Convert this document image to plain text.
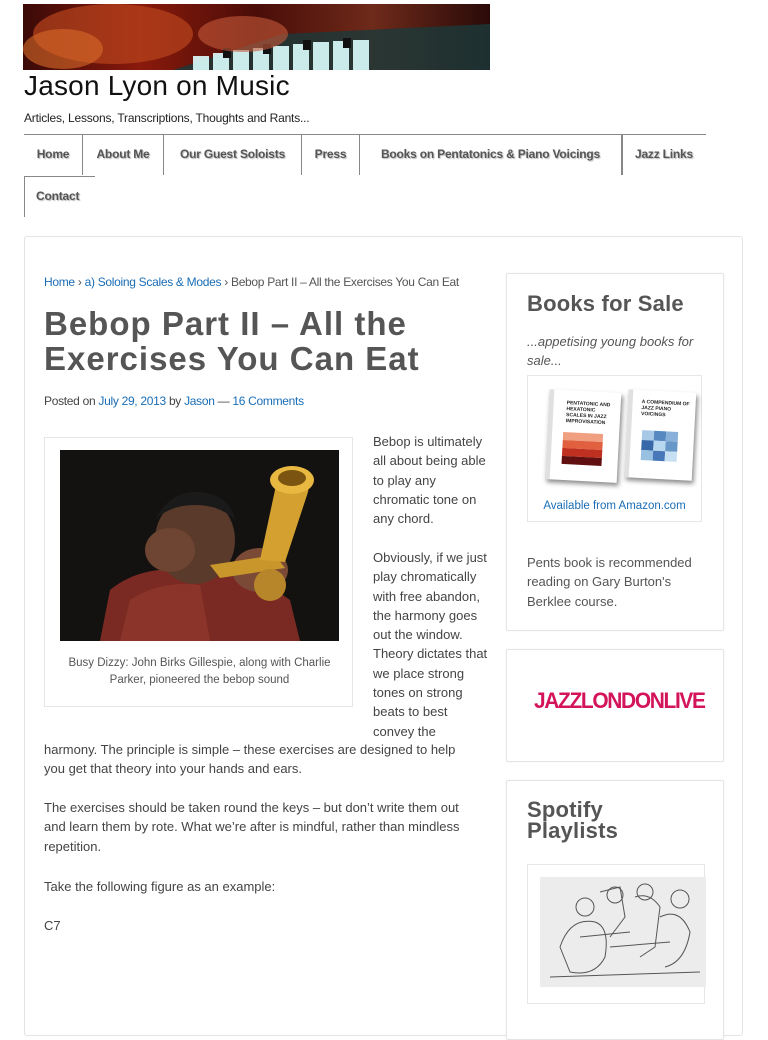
Jason Lyon on Music

Articles, Lessons, Transcriptions, Thoughts and Rants...

Home	About Me	Our Guest Soloists	Press	Books on Pentatonics & Piano Voicings	Jazz Links
Contact
Home › a) Soloing Scales & Modes › Bebop Part II – All the Exercises You Can Eat
Bebop Part II – All the Exercises You Can Eat
Posted on July 29, 2013 by Jason — 16 Comments
Busy Dizzy: John Birks Gillespie, along with Charlie Parker, pioneered the bebop sound

Bebop is ultimately

all about being able

to play any

chromatic tone on

any chord.

Obviously, if we just

play chromatically

with free abandon,

the harmony goes

out the window.

Theory dictates that

we place strong

tones on strong

beats to best

convey the

harmony. The principle is simple – these exercises are designed to help

you get that theory into your hands and ears.

The exercises should be taken round the keys – but don’t write them out

and learn them by rote. What we’re after is mindful, rather than mindless

repetition.

Take the following figure as an example:

C7

Books for Sale
...appetising young books for sale...
PENTATONIC AND HEXATONIC SCALES IN JAZZ IMPROVISATION
A COMPENDIUM OF JAZZ PIANO VOICINGS
Available from Amazon.com
Pents book is recommended reading on Gary Burton's Berklee course.
JAZZLONDONLIVE
Spotify
Playlists
